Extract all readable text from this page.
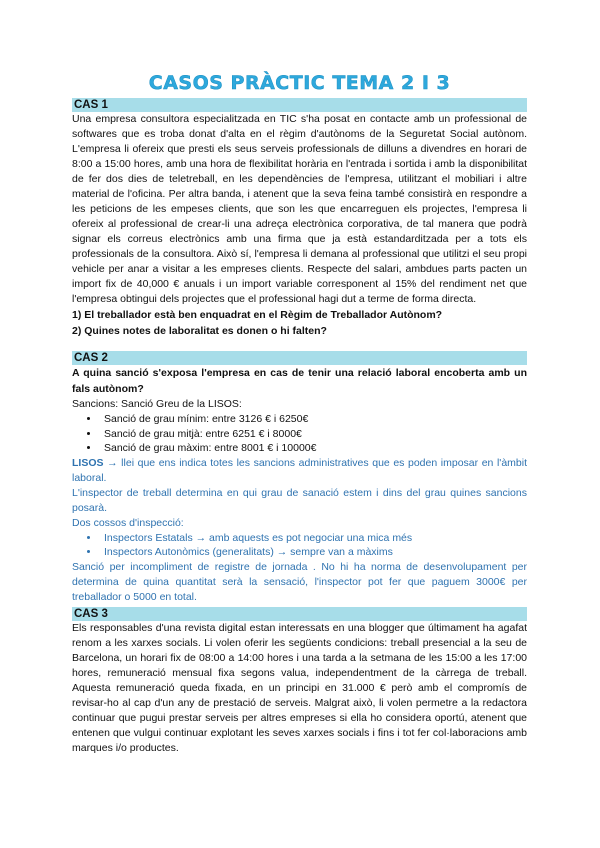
CASOS PRÀCTIC TEMA 2 I 3
CAS 1

Una empresa consultora especialitzada en TIC s'ha posat en contacte amb un professional de softwares que es troba donat d'alta en el règim d'autònoms de la Seguretat Social autònom. L'empresa li ofereix que presti els seus serveis professionals de dilluns a divendres en horari de 8:00 a 15:00 hores, amb una hora de flexibilitat horària en l'entrada i sortida i amb la disponibilitat de fer dos dies de teletreball, en les dependències de l'empresa, utilitzant el mobiliari i altre material de l'oficina. Per altra banda, i atenent que la seva feina també consistirà en respondre a les peticions de les empeses clients, que son les que encarreguen els projectes, l'empresa li ofereix al professional de crear-li una adreça electrònica corporativa, de tal manera que podrà signar els correus electrònics amb una firma que ja està estandarditzada per a tots els professionals de la consultora. Això sí, l'empresa li demana al professional que utilitzi el seu propi vehicle per anar a visitar a les empreses clients. Respecte del salari, ambdues parts pacten un import fix de 40,000 € anuals i un import variable corresponent al 15% del rendiment net que l'empresa obtingui dels projectes que el professional hagi dut a terme de forma directa.

1) El treballador està ben enquadrat en el Règim de Treballador Autònom?
2) Quines notes de laboralitat es donen o hi falten?
CAS 2

A quina sanció s'exposa l'empresa en cas de tenir una relació laboral encoberta amb un fals autònom?

Sancions: Sanció Greu de la LISOS:

• Sanció de grau mínim: entre 3126 € i 6250€
• Sanció de grau mitjà: entre 6251 € i 8000€
• Sanció de grau màxim: entre 8001 € i 10000€

LISOS → llei que ens indica totes les sancions administratives que es poden imposar en l'àmbit laboral.

L'inspector de treball determina en qui grau de sanació estem i dins del grau quines sancions posarà.

Dos cossos d'inspecció:

• Inspectors Estatals → amb aquests es pot negociar una mica més
• Inspectors Autonòmics (generalitats) → sempre van a màxims

Sanció per incompliment de registre de jornada . No hi ha norma de desenvolupament per determina de quina quantitat serà la sensació, l'inspector pot fer que paguem 3000€ per treballador o 5000 en total.

CAS 3

Els responsables d'una revista digital estan interessats en una blogger que últimament ha agafat renom a les xarxes socials. Li volen oferir les següents condicions: treball presencial a la seu de Barcelona, un horari fix de 08:00 a 14:00 hores i una tarda a la setmana de les 15:00 a les 17:00 hores, remuneració mensual fixa segons valua, independentment de la càrrega de treball. Aquesta remuneració queda fixada, en un principi en 31.000 € però amb el compromís de revisar-ho al cap d'un any de prestació de serveis. Malgrat això, li volen permetre a la redactora continuar que pugui prestar serveis per altres empreses si ella ho considera oportú, atenent que entenen que vulgui continuar explotant les seves xarxes socials i fins i tot fer col·laboracions amb marques i/o productes.
